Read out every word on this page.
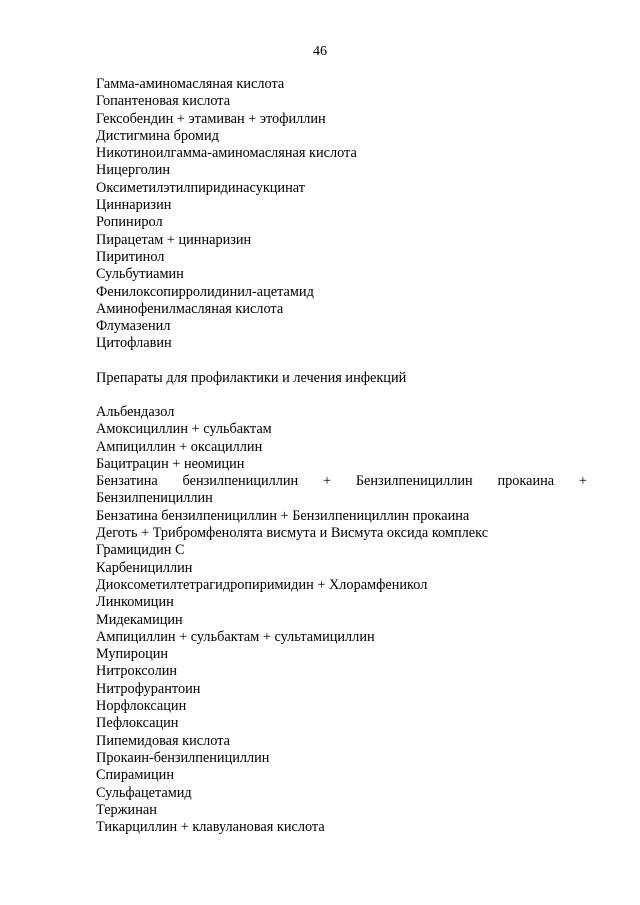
46
Гамма-аминомасляная кислота
Гопантеновая кислота
Гексобендин + этамиван + этофиллин
Дистигмина бромид
Никотиноилгамма-аминомасляная кислота
Ницерголин
Оксиметилэтилпиридинасукцинат
Циннаризин
Ропинирол
Пирацетам + циннаризин
Пиритинол
Сульбутиамин
Фенилоксопирролидинил-ацетамид
Аминофенилмасляная кислота
Флумазенил
Цитофлавин
Препараты для профилактики и лечения инфекций
Альбендазол
Амоксициллин + сульбактам
Ампициллин + оксациллин
Бацитрацин + неомицин
Бензатина бензилпенициллин + Бензилпенициллин прокаина +
Бензилпенициллин
Бензатина бензилпенициллин + Бензилпенициллин прокаина
Деготь + Трибромфенолята висмута и Висмута оксида комплекс
Грамицидин С
Карбенициллин
Диоксометилтетрагидропиримидин + Хлорамфеникол
Линкомицин
Мидекамицин
Ампициллин + сульбактам + сультамициллин
Мупироцин
Нитроксолин
Нитрофурантоин
Норфлоксацин
Пефлоксацин
Пипемидовая кислота
Прокаин-бензилпенициллин
Спирамицин
Сульфацетамид
Тержинан
Тикарциллин + клавулановая кислота
